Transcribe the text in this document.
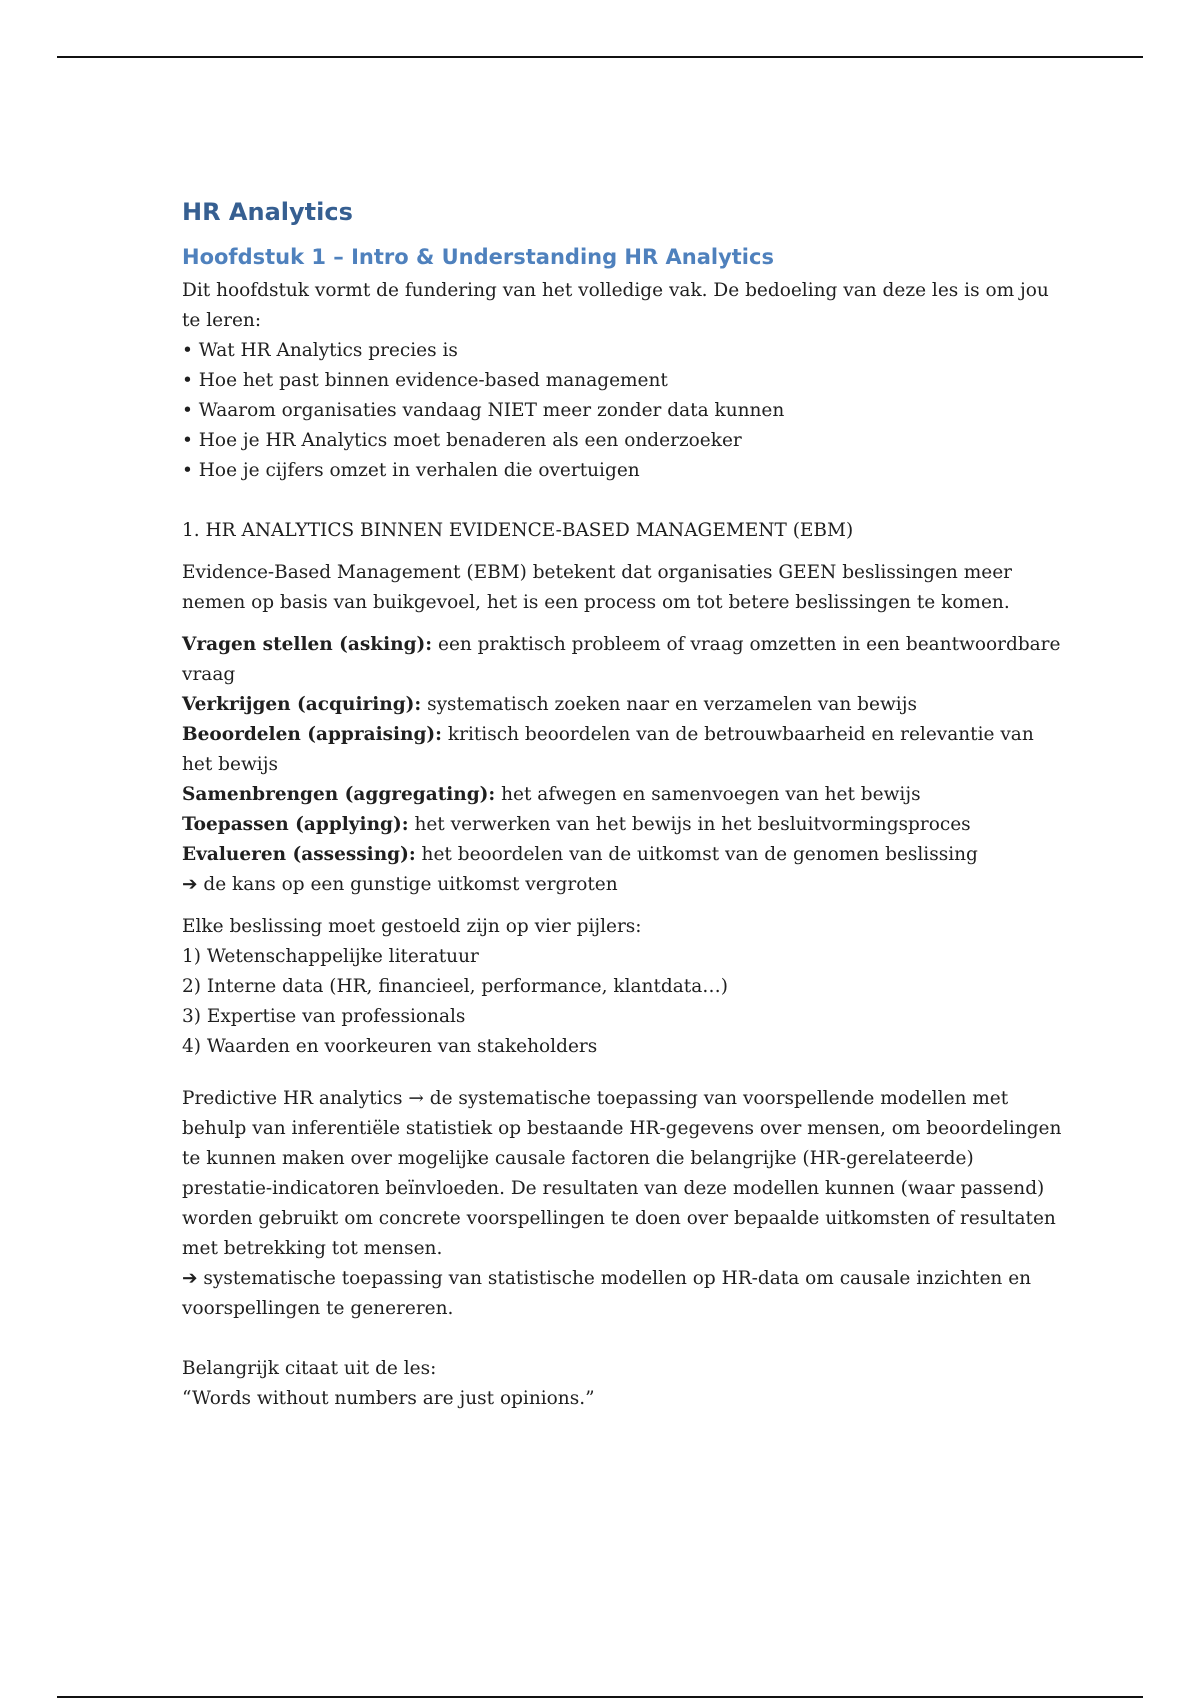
HR Analytics
Hoofdstuk 1 – Intro & Understanding HR Analytics

Dit hoofdstuk vormt de fundering van het volledige vak. De bedoeling van deze les is om jou te leren:

• Wat HR Analytics precies is

• Hoe het past binnen evidence-based management

• Waarom organisaties vandaag NIET meer zonder data kunnen

• Hoe je HR Analytics moet benaderen als een onderzoeker

• Hoe je cijfers omzet in verhalen die overtuigen

1. HR ANALYTICS BINNEN EVIDENCE-BASED MANAGEMENT (EBM)

Evidence-Based Management (EBM) betekent dat organisaties GEEN beslissingen meer nemen op basis van buikgevoel, het is een process om tot betere beslissingen te komen.

Vragen stellen (asking): een praktisch probleem of vraag omzetten in een beantwoordbare vraag

Verkrijgen (acquiring): systematisch zoeken naar en verzamelen van bewijs

Beoordelen (appraising): kritisch beoordelen van de betrouwbaarheid en relevantie van het bewijs

Samenbrengen (aggregating): het afwegen en samenvoegen van het bewijs

Toepassen (applying): het verwerken van het bewijs in het besluitvormingsproces

Evalueren (assessing): het beoordelen van de uitkomst van de genomen beslissing

➔ de kans op een gunstige uitkomst vergroten

Elke beslissing moet gestoeld zijn op vier pijlers:

1) Wetenschappelijke literatuur

2) Interne data (HR, financieel, performance, klantdata…)

3) Expertise van professionals

4) Waarden en voorkeuren van stakeholders

Predictive HR analytics → de systematische toepassing van voorspellende modellen met behulp van inferentiële statistiek op bestaande HR-gegevens over mensen, om beoordelingen te kunnen maken over mogelijke causale factoren die belangrijke (HR-gerelateerde) prestatie-indicatoren beïnvloeden. De resultaten van deze modellen kunnen (waar passend) worden gebruikt om concrete voorspellingen te doen over bepaalde uitkomsten of resultaten met betrekking tot mensen.

➔ systematische toepassing van statistische modellen op HR-data om causale inzichten en voorspellingen te genereren.

Belangrijk citaat uit de les:

“Words without numbers are just opinions.”
